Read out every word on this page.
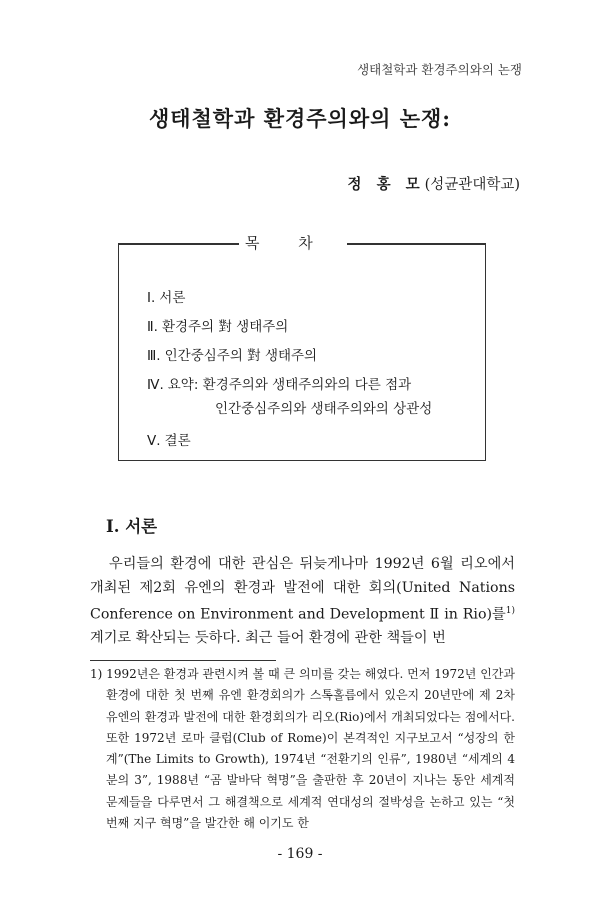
생태철학과 환경주의와의 논쟁
생태철학과 환경주의와의 논쟁:
정 홍 모(성균관대학교)
목 차
Ⅰ. 서론
Ⅱ. 환경주의 對 생태주의
Ⅲ. 인간중심주의 對 생태주의
Ⅳ. 요약: 환경주의와 생태주의와의 다른 점과
인간중심주의와 생태주의와의 상관성
Ⅴ. 결론
Ⅰ. 서론

우리들의 환경에 대한 관심은 뒤늦게나마 1992년 6월 리오에서 개최된 제2회 유엔의 환경과 발전에 대한 회의(United Nations Conference on Environment and Development Ⅱ in Rio)를$^{1)}$ 계기로 확산되는 듯하다. 최근 들어 환경에 관한 책들이 번

1) 1992년은 환경과 관련시켜 볼 때 큰 의미를 갖는 해였다. 먼저 1972년 인간과 환경에 대한 첫 번째 유엔 환경회의가 스톡홀름에서 있은지 20년만에 제 2차 유엔의 환경과 발전에 대한 환경회의가 리오(Rio)에서 개최되었다는 점에서다. 또한 1972년 로마 클럽(Club of Rome)이 본격적인 지구보고서 “성장의 한계”(The Limits to Growth), 1974년 “전환기의 인류”, 1980년 “세계의 4분의 3”, 1988년 “곰 발바닥 혁명”을 출판한 후 20년이 지나는 동안 세계적 문제들을 다루면서 그 해결책으로 세계적 연대성의 절박성을 논하고 있는 “첫 번째 지구 혁명”을 발간한 해 이기도 한

- 169 -
